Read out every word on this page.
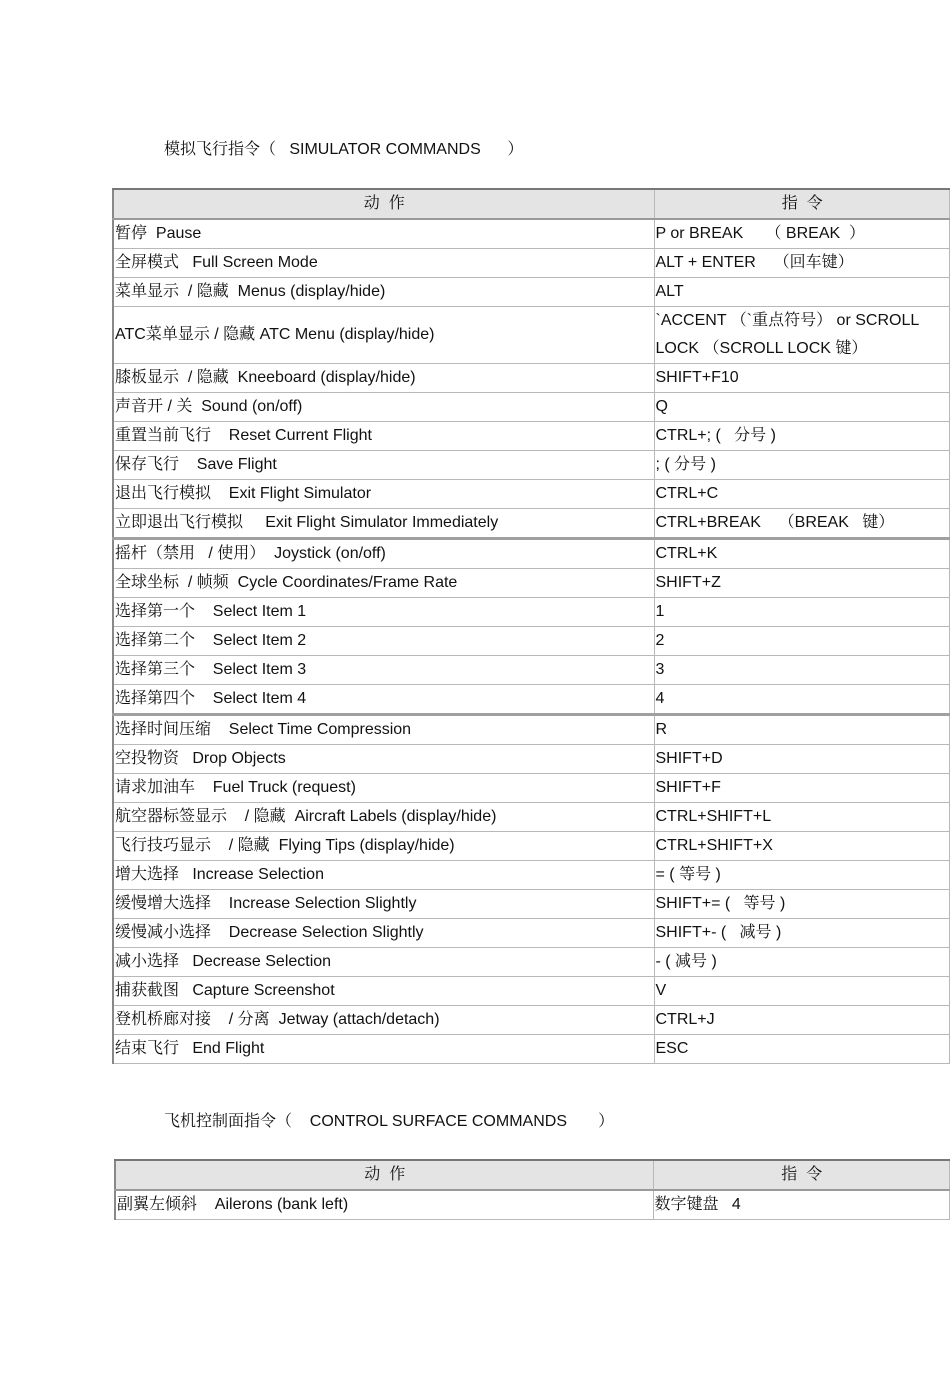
模拟飞行指令（   SIMULATOR COMMANDS      ）
动  作	指  令
暂停  Pause	P or BREAK     （ BREAK  ）
全屏模式   Full Screen Mode	ALT + ENTER    （回车键）
菜单显示  / 隐藏  Menus (display/hide)	ALT
ATC菜单显示 / 隐藏 ATC Menu (display/hide)	`ACCENT （`重点符号） or SCROLL LOCK （SCROLL LOCK 键）
膝板显示  / 隐藏  Kneeboard (display/hide)	SHIFT+F10
声音开 / 关  Sound (on/off)	Q
重置当前飞行    Reset Current Flight	CTRL+; (   分号 )
保存飞行    Save Flight	; ( 分号 )
退出飞行模拟    Exit Flight Simulator	CTRL+C
立即退出飞行模拟     Exit Flight Simulator Immediately	CTRL+BREAK    （BREAK   键）
摇杆（禁用   / 使用）  Joystick (on/off)	CTRL+K
全球坐标  / 帧频  Cycle Coordinates/Frame Rate	SHIFT+Z
选择第一个    Select Item 1	1
选择第二个    Select Item 2	2
选择第三个    Select Item 3	3
选择第四个    Select Item 4	4
选择时间压缩    Select Time Compression	R
空投物资   Drop Objects	SHIFT+D
请求加油车    Fuel Truck (request)	SHIFT+F
航空器标签显示    / 隐藏  Aircraft Labels (display/hide)	CTRL+SHIFT+L
飞行技巧显示    / 隐藏  Flying Tips (display/hide)	CTRL+SHIFT+X
增大选择   Increase Selection	= ( 等号 )
缓慢增大选择    Increase Selection Slightly	SHIFT+= (   等号 )
缓慢减小选择    Decrease Selection Slightly	SHIFT+- (   减号 )
减小选择   Decrease Selection	- ( 减号 )
捕获截图   Capture Screenshot	V
登机桥廊对接    / 分离  Jetway (attach/detach)	CTRL+J
结束飞行   End Flight	ESC
飞机控制面指令（    CONTROL SURFACE COMMANDS       ）
动  作	指  令
副翼左倾斜    Ailerons (bank left)	数字键盘   4
